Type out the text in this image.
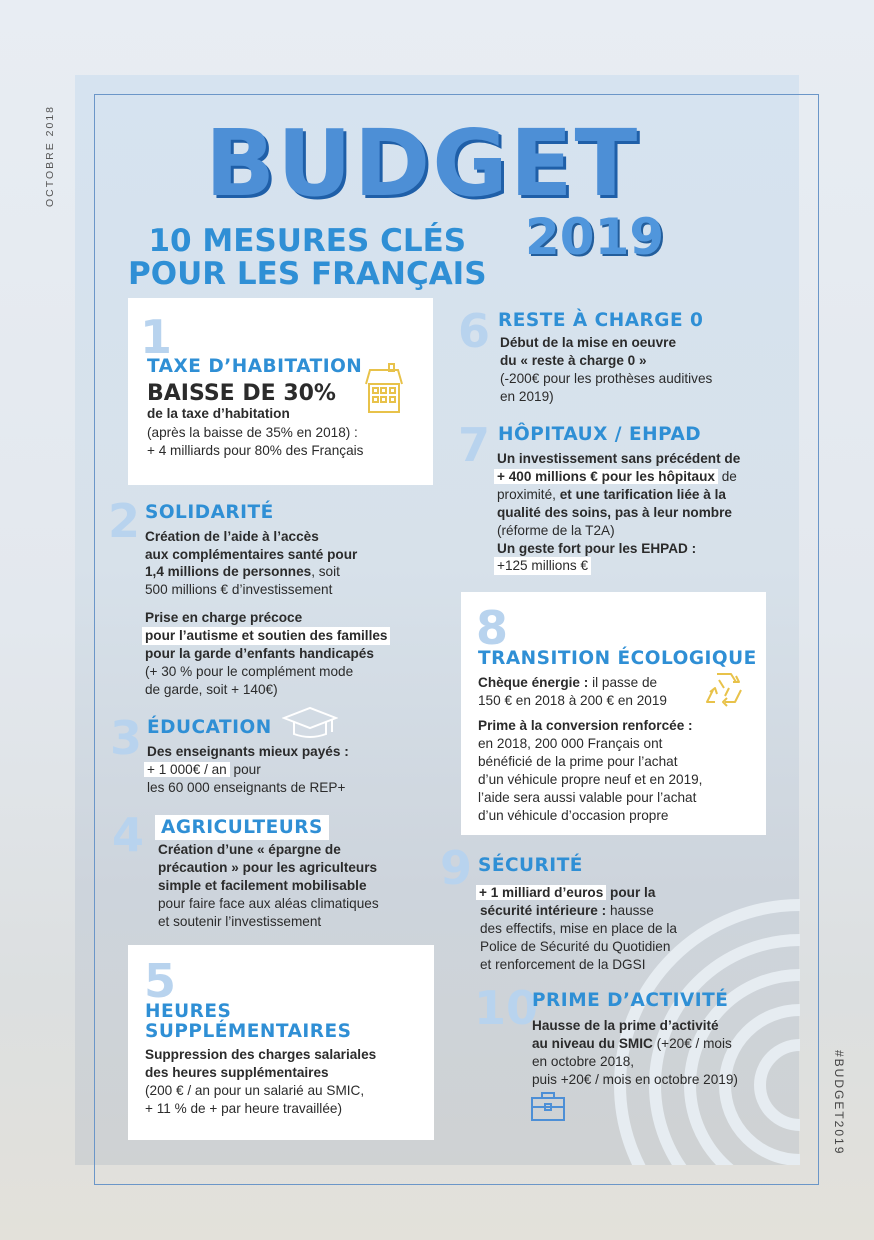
OCTOBRE 2018
#BUDGET2019
BUDGET
2019
10 MESURES CLÉS
POUR LES FRANÇAIS
1
TAXE D’HABITATION
BAISSE DE 30%
de la taxe d’habitation
(après la baisse de 35% en 2018) :
+ 4 milliards pour 80% des Français
2 SOLIDARITÉ
Création de l’aide à l’accès
aux complémentaires santé pour
1,4 millions de personnes, soit
500 millions € d’investissement
Prise en charge précoce
pour l’autisme et soutien des familles
pour la garde d’enfants handicapés
(+ 30 % pour le complément mode
de garde, soit + 140€)
3 ÉDUCATION
Des enseignants mieux payés :
+ 1 000€ / an pour
les 60 000 enseignants de REP+
4 AGRICULTEURS
Création d’une « épargne de
précaution » pour les agriculteurs
simple et facilement mobilisable
pour faire face aux aléas climatiques
et soutenir l’investissement
5
HEURES
SUPPLÉMENTAIRES
Suppression des charges salariales
des heures supplémentaires
(200 € / an pour un salarié au SMIC,
+ 11 % de + par heure travaillée)
6 RESTE À CHARGE 0
Début de la mise en oeuvre
du « reste à charge 0 »
(-200€ pour les prothèses auditives
en 2019)
7 HÔPITAUX / EHPAD
Un investissement sans précédent de
+ 400 millions € pour les hôpitaux de
proximité, et une tarification liée à la
qualité des soins, pas à leur nombre
(réforme de la T2A)
Un geste fort pour les EHPAD :
+125 millions €
8
TRANSITION ÉCOLOGIQUE
Chèque énergie : il passe de
150 € en 2018 à 200 € en 2019
Prime à la conversion renforcée :
en 2018, 200 000 Français ont
bénéficié de la prime pour l’achat
d’un véhicule propre neuf et en 2019,
l’aide sera aussi valable pour l’achat
d’un véhicule d’occasion propre
9 SÉCURITÉ
+ 1 milliard d’euros pour la
sécurité intérieure : hausse
des effectifs, mise en place de la
Police de Sécurité du Quotidien
et renforcement de la DGSI
10
PRIME D’ACTIVITÉ
Hausse de la prime d’activité
au niveau du SMIC (+20€ / mois
en octobre 2018,
puis +20€ / mois en octobre 2019)
